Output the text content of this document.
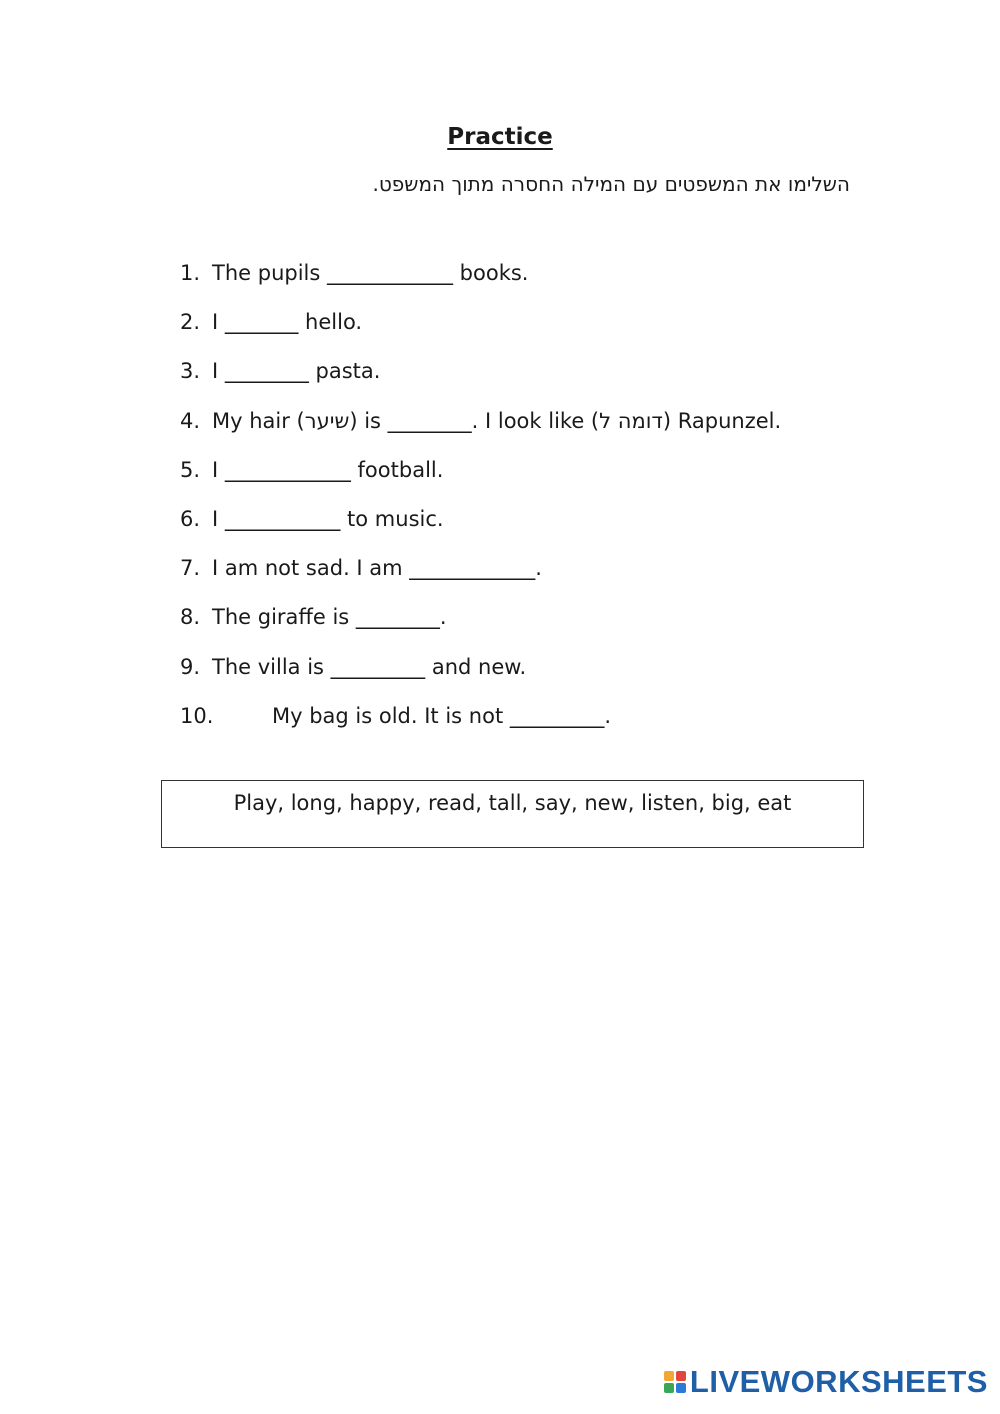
Practice
השלימו את המשפטים עם המילה החסרה מתוך המשפט.
1. The pupils ____________ books.
2. I _______ hello.
3. I ________ pasta.
4. My hair (שיער) is ________. I look like (דומה ל) Rapunzel.
5. I ____________ football.
6. I ___________ to music.
7. I am not sad. I am ____________.
8. The giraffe is ________.
9. The villa is _________ and new.
10.	My bag is old. It is not _________.
Play, long, happy, read, tall, say, new, listen, big, eat
LIVEWORKSHEETS
